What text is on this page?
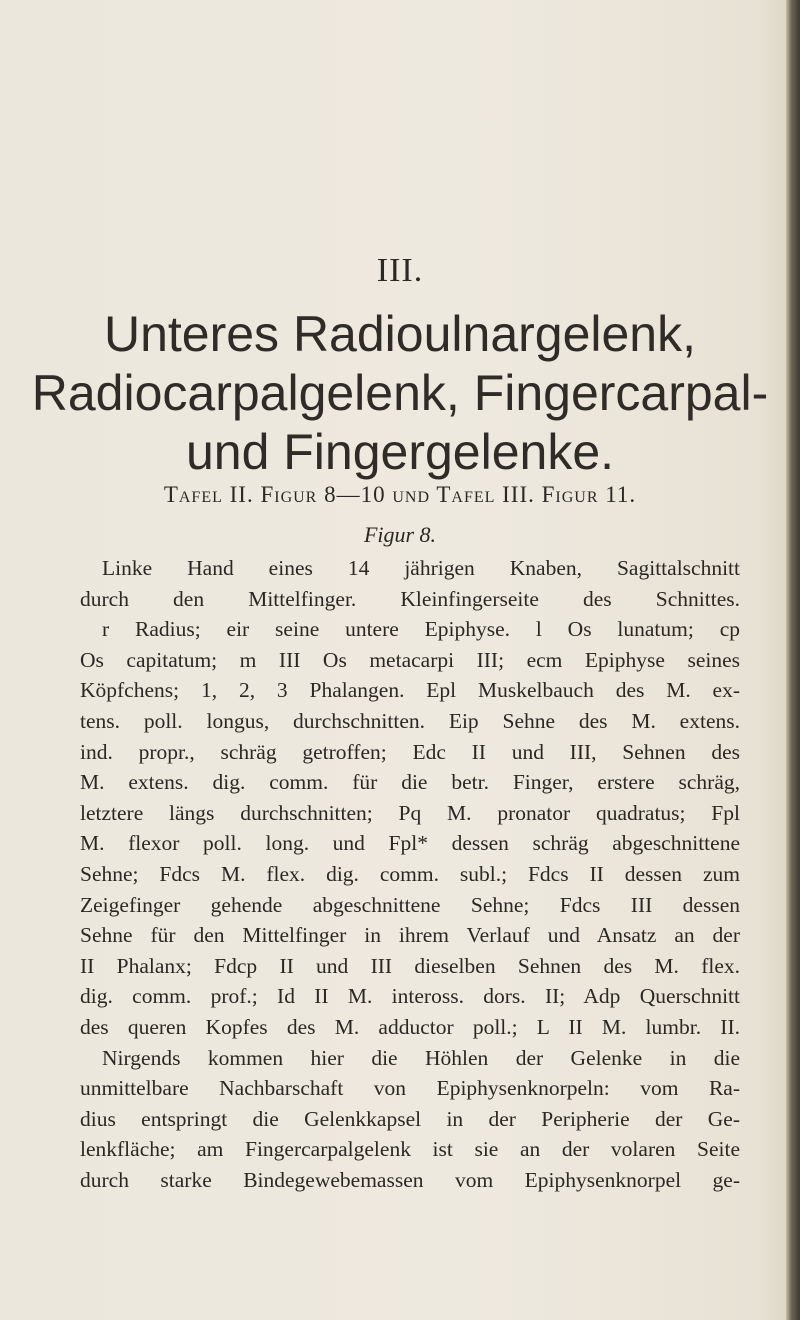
III.
Unteres Radioulnargelenk,
Radiocarpalgelenk, Fingercarpal-
und Fingergelenke.
Tafel II. Figur 8—10 und Tafel III. Figur 11.
Figur 8.
Linke Hand eines 14 jährigen Knaben, Sagittalschnitt
durch den Mittelfinger. Kleinfingerseite des Schnittes.
r Radius; eir seine untere Epiphyse. l Os lunatum; cp
Os capitatum; m III Os metacarpi III; ecm Epiphyse seines
Köpfchens; 1, 2, 3 Phalangen. Epl Muskelbauch des M. ex-
tens. poll. longus, durchschnitten. Eip Sehne des M. extens.
ind. propr., schräg getroffen; Edc II und III, Sehnen des
M. extens. dig. comm. für die betr. Finger, erstere schräg,
letztere längs durchschnitten; Pq M. pronator quadratus; Fpl
M. flexor poll. long. und Fpl* dessen schräg abgeschnittene
Sehne; Fdcs M. flex. dig. comm. subl.; Fdcs II dessen zum
Zeigefinger gehende abgeschnittene Sehne; Fdcs III dessen
Sehne für den Mittelfinger in ihrem Verlauf und Ansatz an der
II Phalanx; Fdcp II und III dieselben Sehnen des M. flex.
dig. comm. prof.; Id II M. inteross. dors. II; Adp Querschnitt
des queren Kopfes des M. adductor poll.; L II M. lumbr. II.
Nirgends kommen hier die Höhlen der Gelenke in die
unmittelbare Nachbarschaft von Epiphysenknorpeln: vom Ra-
dius entspringt die Gelenkkapsel in der Peripherie der Ge-
lenkfläche; am Fingercarpalgelenk ist sie an der volaren Seite
durch starke Bindegewebemassen vom Epiphysenknorpel ge-
